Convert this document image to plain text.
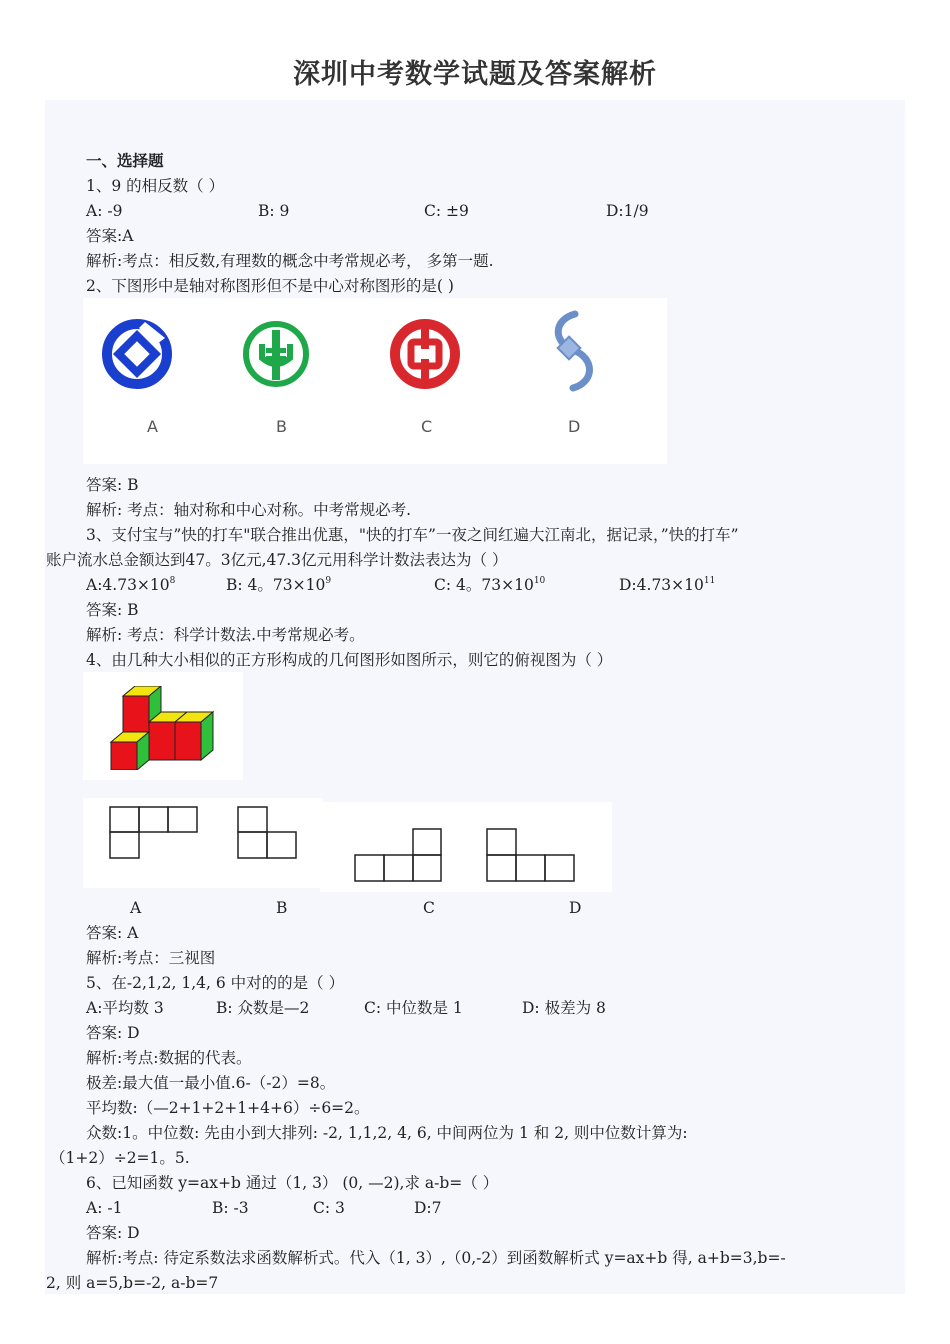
深圳中考数学试题及答案解析
一、选择题
1、9 的相反数（ ）
A: -9	B: 9	C: ±9	D:1/9
答案:A
解析:考点：相反数,有理数的概念中考常规必考， 多第一题.
2、下图形中是轴对称图形但不是中心对称图形的是( )
A	B	C	D
答案: B
解析: 考点：轴对称和中心对称。中考常规必考.
3、支付宝与”快的打车"联合推出优惠，"快的打车”一夜之间红遍大江南北，据记录，”快的打车”
账户流水总金额达到47。3亿元,47.3亿元用科学计数法表达为（ ）
$A:4.73\times 10^8$	B: 4。$73\times 10^9$	C: 4。$73\times 10^{10}$	$D:4.73\times 10^{11}$
答案: B
解析: 考点：科学计数法.中考常规必考。
4、由几种大小相似的正方形构成的几何图形如图所示，则它的俯视图为（ ）
A	B	C	D
答案: A
解析:考点：三视图
5、在-2,1,2, 1,4, 6 中对的的是（ ）
A:平均数 3	B: 众数是—2	C: 中位数是 1	D: 极差为 8
答案: D
解析:考点:数据的代表。
极差:最大值一最小值.6-（-2）=8。
平均数:（—2+1+2+1+4+6）÷6=2。
众数:1。中位数: 先由小到大排列: -2, 1,1,2, 4, 6, 中间两位为 1 和 2, 则中位数计算为:
（1+2）÷2=1。5.
6、已知函数 y=ax+b 通过（1, 3） (0, —2),求 a-b=（ ）
A: -1	B: -3	C: 3	D:7
答案: D
解析:考点: 待定系数法求函数解析式。代入（1, 3）,（0,-2）到函数解析式 y=ax+b 得, a+b=3,b=-
2, 则 a=5,b=-2, a-b=7
